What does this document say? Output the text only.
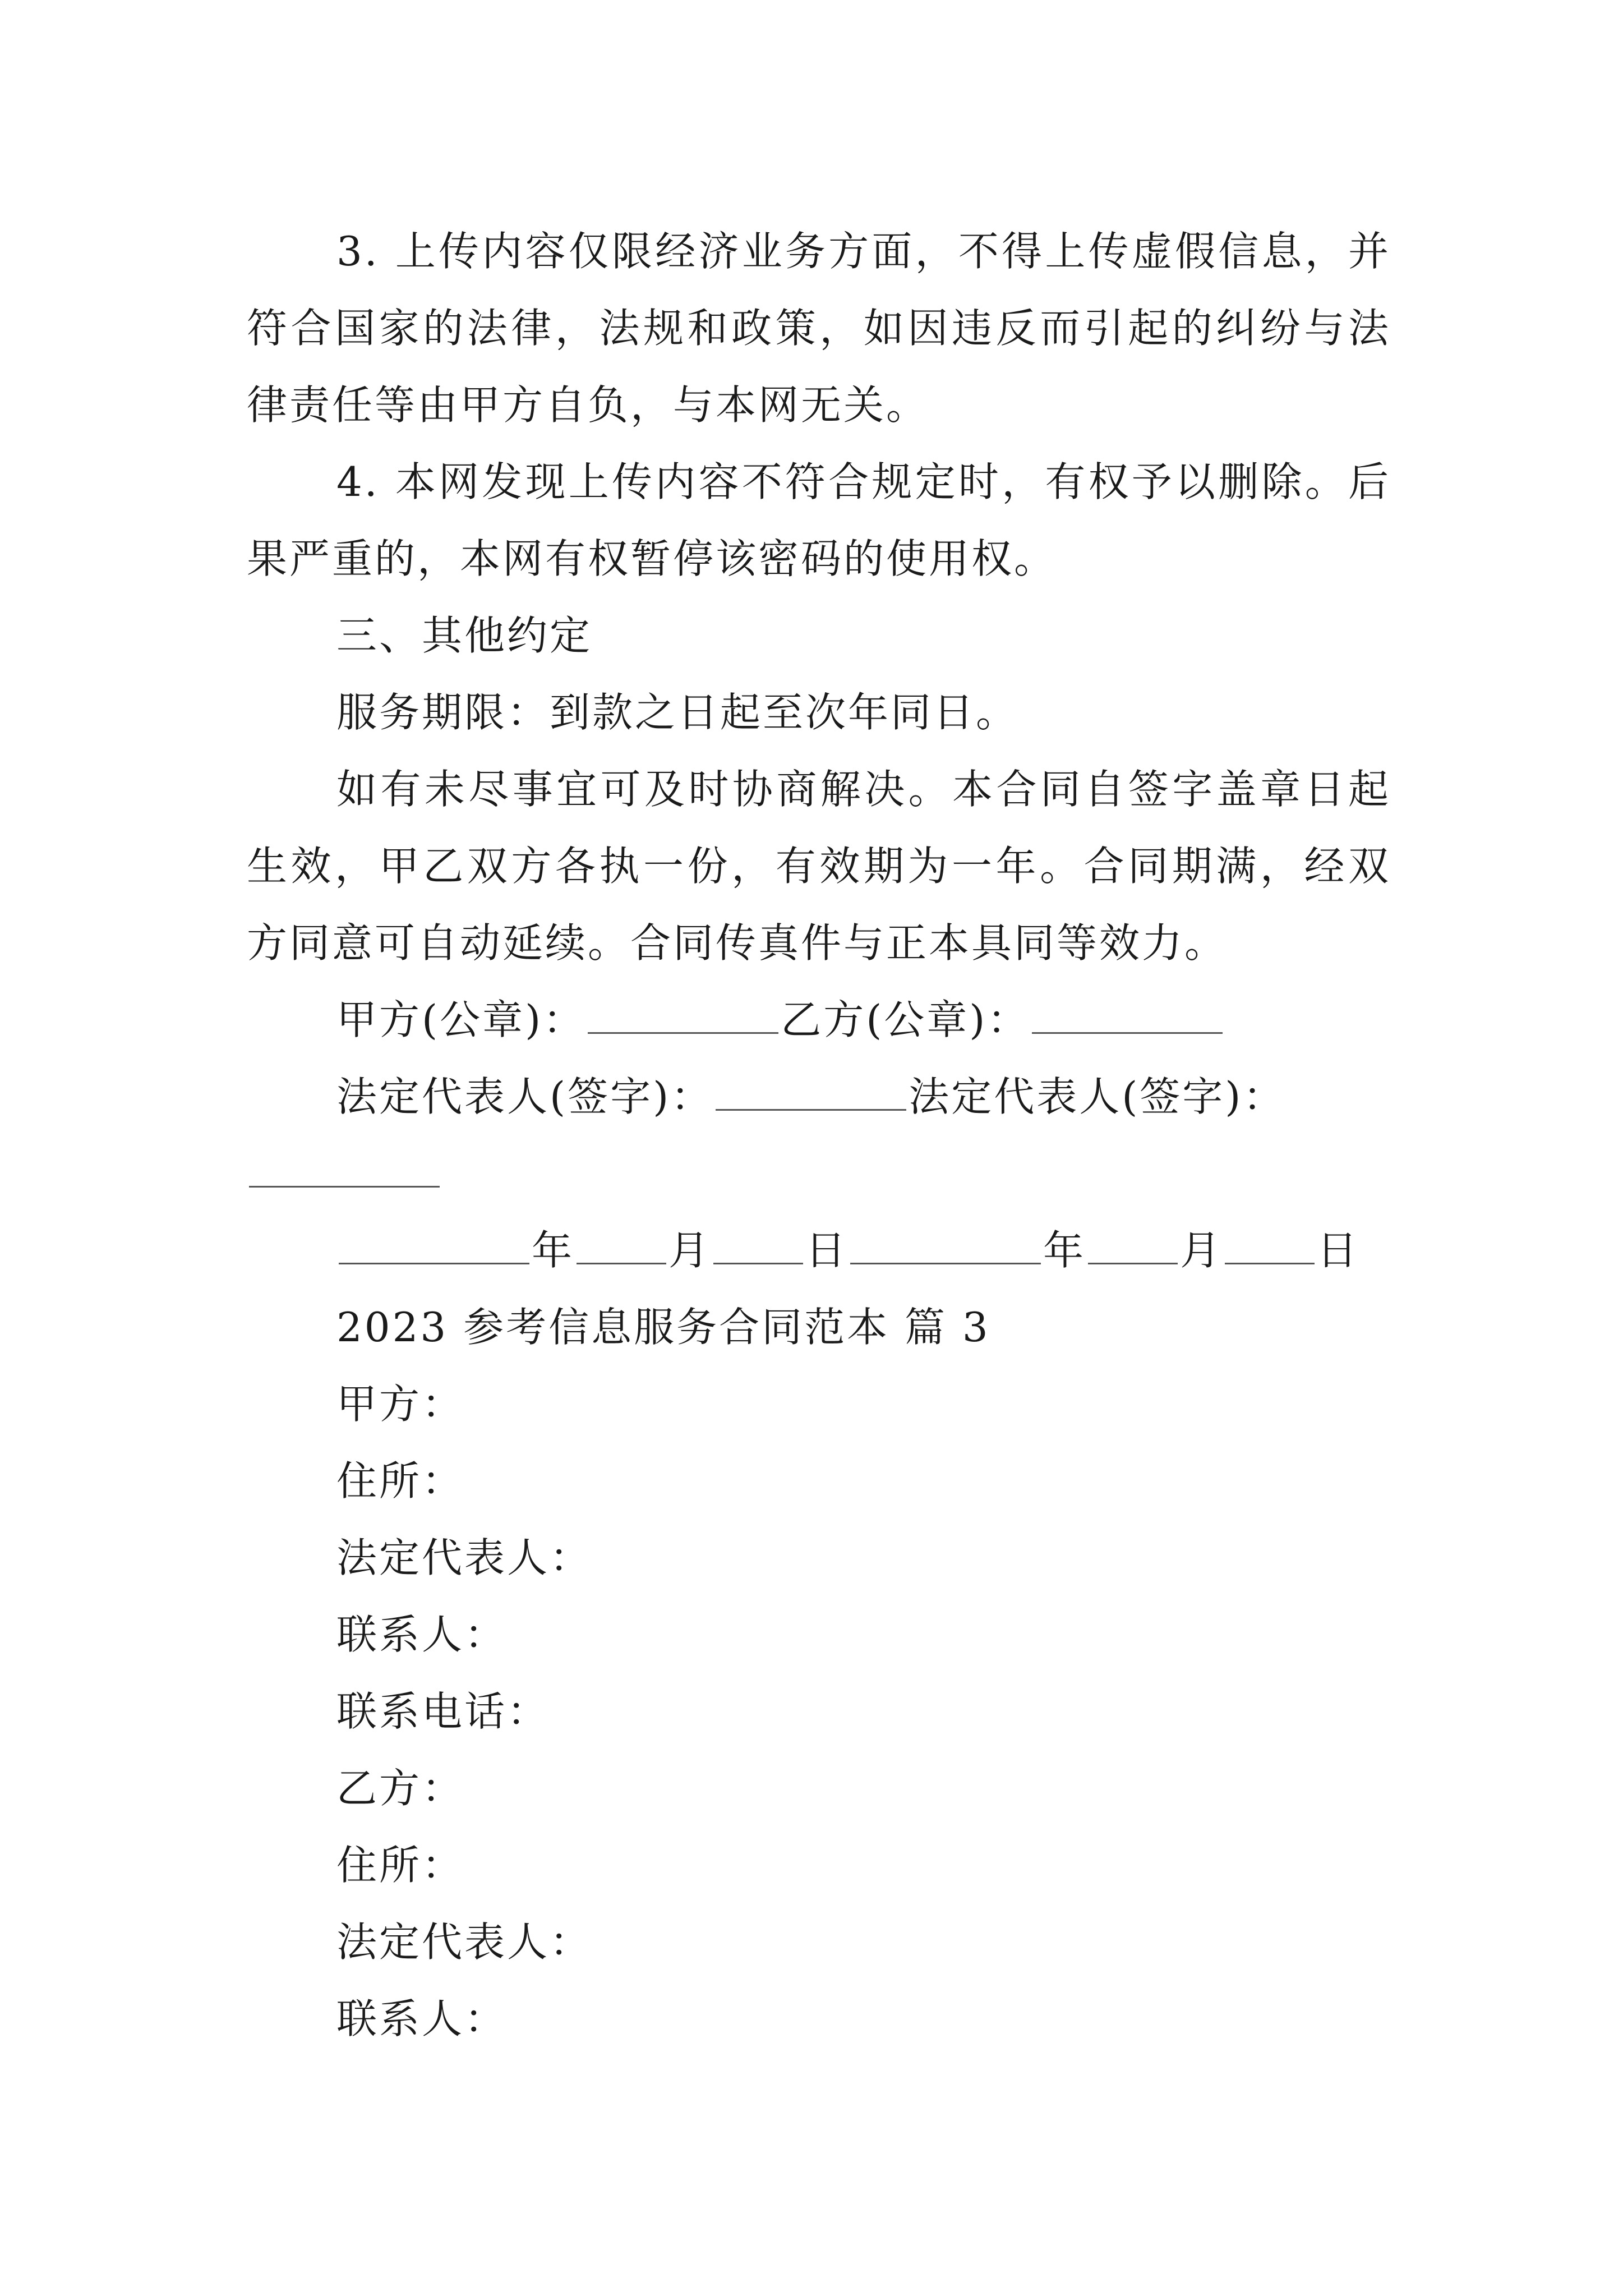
3. 上传内容仅限经济业务方面，不得上传虚假信息，并符合国家的法律，法规和政策，如因违反而引起的纠纷与法律责任等由甲方自负，与本网无关。

4. 本网发现上传内容不符合规定时，有权予以删除。后果严重的，本网有权暂停该密码的使用权。

三、其他约定

服务期限：到款之日起至次年同日。

如有未尽事宜可及时协商解决。本合同自签字盖章日起生效，甲乙双方各执一份，有效期为一年。合同期满，经双方同意可自动延续。合同传真件与正本具同等效力。

甲方(公章)：	乙方(公章)：

法定代表人(签字)：	法定代表人(签字)：

年 月 日	年 月 日

2023 参考信息服务合同范本 篇 3

甲方：

住所：

法定代表人：

联系人：

联系电话：

乙方：

住所：

法定代表人：

联系人：
